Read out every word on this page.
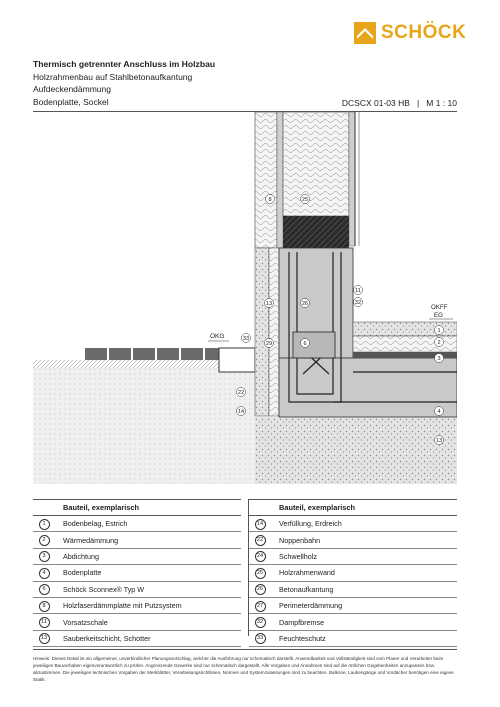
SCHÖCK
Thermisch getrennter Anschluss im Holzbau
Holzrahmenbau auf Stahlbetonaufkantung
Aufdeckendämmung
Bodenplatte, Sockel	DCSCX 01-03 HB   |   M 1 : 10
OKG
OKFF
EG
8	25
11
32
13	26
33
29	6
1
2
3
22
14	4
13
Bauteil, exemplarisch
1	Bodenbelag, Estrich
2	Wärmedämmung
3	Abdichtung
4	Bodenplatte
6	Schöck Sconnex® Typ W
8	Holzfaserdämmplatte mit Putzsystem
11	Vorsatzschale
13	Sauberkeitschicht, Schotter
Bauteil, exemplarisch
14	Verfüllung, Erdreich
22	Noppenbahn
24	Schwellholz
25	Holzrahmenwand
26	Betonaufkantung
27	Perimeterdämmung
32	Dampfbremse
33	Feuchteschutz
Hinweis: Dieses Detail ist ein allgemeiner, unverbindlicher Planungsvorschlag, welcher die Ausführung nur schematisch darstellt. Anwendbarkeit und Vollständigkeit sind vom Planer und Verarbeiter beim jeweiligen Bauvorhaben eigenverantwortlich zu prüfen. Angrenzende Gewerke sind nur schematisch dargestellt. Alle Vorgaben und Annahmen sind auf die örtlichen Gegebenheiten anzupassen bzw. abzustimmen. Die jeweiligen technischen Vorgaben der Merkblätter, Verarbeitungsrichtlinien, Normen und Systemzulassungen sind zu beachten. Balkone, Laubengänge und Vordächer benötigen eine eigene Statik.
